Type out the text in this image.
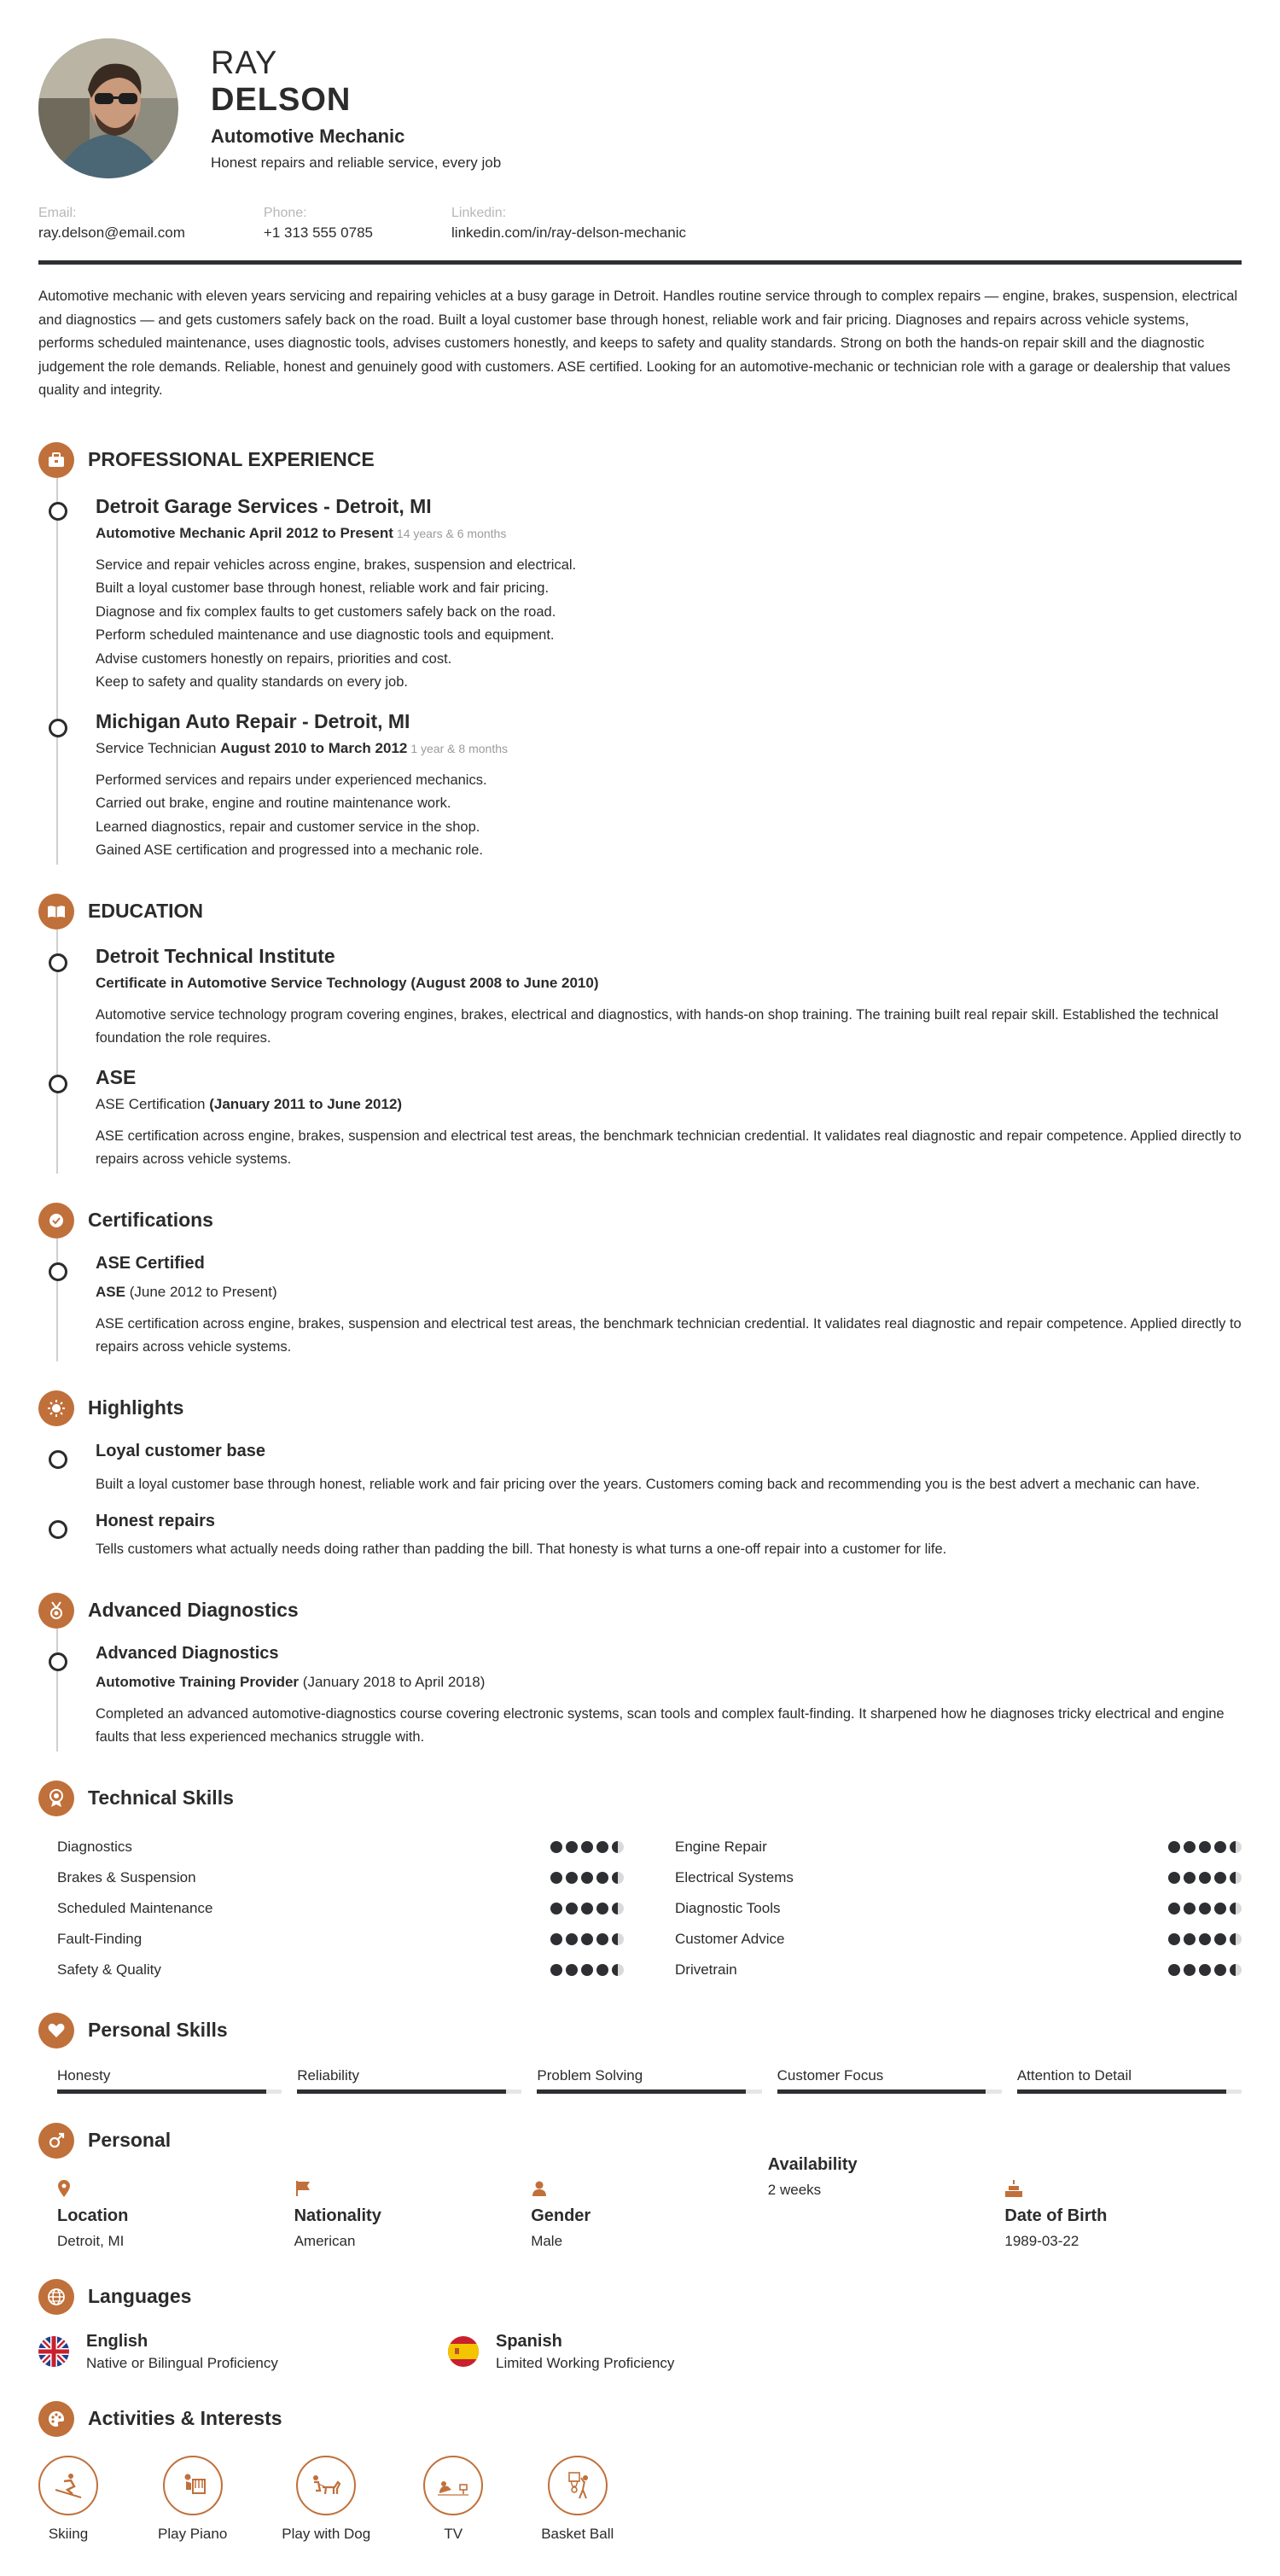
RAY
DELSON
Automotive Mechanic
Honest repairs and reliable service, every job
Email:
ray.delson@email.com
Phone:
+1 313 555 0785
Linkedin:
linkedin.com/in/ray-delson-mechanic
Automotive mechanic with eleven years servicing and repairing vehicles at a busy garage in Detroit. Handles routine service through to complex repairs — engine, brakes, suspension, electrical and diagnostics — and gets customers safely back on the road. Built a loyal customer base through honest, reliable work and fair pricing. Diagnoses and repairs across vehicle systems, performs scheduled maintenance, uses diagnostic tools, advises customers honestly, and keeps to safety and quality standards. Strong on both the hands-on repair skill and the diagnostic judgement the role demands. Reliable, honest and genuinely good with customers. ASE certified. Looking for an automotive-mechanic or technician role with a garage or dealership that values quality and integrity.
PROFESSIONAL EXPERIENCE
Detroit Garage Services - Detroit, MI
Automotive Mechanic April 2012 to Present 14 years & 6 months
Service and repair vehicles across engine, brakes, suspension and electrical.
Built a loyal customer base through honest, reliable work and fair pricing.
Diagnose and fix complex faults to get customers safely back on the road.
Perform scheduled maintenance and use diagnostic tools and equipment.
Advise customers honestly on repairs, priorities and cost.
Keep to safety and quality standards on every job.
Michigan Auto Repair - Detroit, MI
Service Technician August 2010 to March 2012 1 year & 8 months
Performed services and repairs under experienced mechanics.
Carried out brake, engine and routine maintenance work.
Learned diagnostics, repair and customer service in the shop.
Gained ASE certification and progressed into a mechanic role.
EDUCATION
Detroit Technical Institute
Certificate in Automotive Service Technology (August 2008 to June 2010)
Automotive service technology program covering engines, brakes, electrical and diagnostics, with hands-on shop training. The training built real repair skill. Established the technical foundation the role requires.
ASE
ASE Certification (January 2011 to June 2012)
ASE certification across engine, brakes, suspension and electrical test areas, the benchmark technician credential. It validates real diagnostic and repair competence. Applied directly to repairs across vehicle systems.
Certifications
ASE Certified
ASE (June 2012 to Present)
ASE certification across engine, brakes, suspension and electrical test areas, the benchmark technician credential. It validates real diagnostic and repair competence. Applied directly to repairs across vehicle systems.
Highlights
Loyal customer base
Built a loyal customer base through honest, reliable work and fair pricing over the years. Customers coming back and recommending you is the best advert a mechanic can have.
Honest repairs
Tells customers what actually needs doing rather than padding the bill. That honesty is what turns a one-off repair into a customer for life.
Advanced Diagnostics
Advanced Diagnostics
Automotive Training Provider (January 2018 to April 2018)
Completed an advanced automotive-diagnostics course covering electronic systems, scan tools and complex fault-finding. It sharpened how he diagnoses tricky electrical and engine faults that less experienced mechanics struggle with.
Technical Skills
Diagnostics	Engine Repair
Brakes & Suspension	Electrical Systems
Scheduled Maintenance	Diagnostic Tools
Fault-Finding	Customer Advice
Safety & Quality	Drivetrain
Personal Skills
Honesty	Reliability	Problem Solving	Customer Focus	Attention to Detail
Personal
Location
Detroit, MI
Nationality
American
Gender
Male
Availability
2 weeks
Date of Birth
1989-03-22
Languages
English
Native or Bilingual Proficiency
Spanish
Limited Working Proficiency
Activities & Interests
Skiing	Play Piano	Play with Dog	TV	Basket Ball
